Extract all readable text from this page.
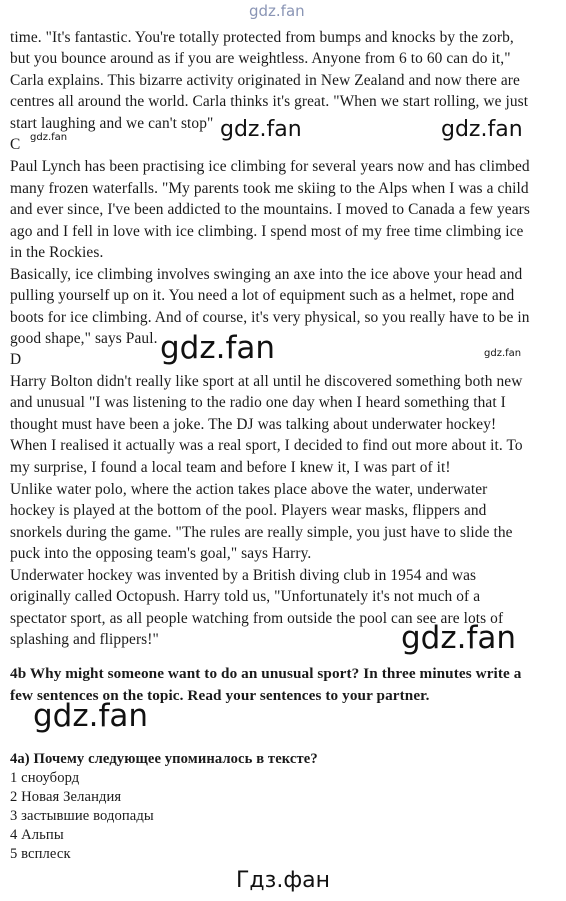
gdz.fan
gdz.fan	gdz.fan	gdz.fan
gdz.fan	gdz.fan
gdz.fan
gdz.fan
time. "It's fantastic. You're totally protected from bumps and knocks by the zorb,
but you bounce around as if you are weightless. Anyone from 6 to 60 can do it,"
Carla explains. This bizarre activity originated in New Zealand and now there are
centres all around the world. Carla thinks it's great. "When we start rolling, we just
start laughing and we can't stop"
C
Paul Lynch has been practising ice climbing for several years now and has climbed
many frozen waterfalls. "My parents took me skiing to the Alps when I was a child
and ever since, I've been addicted to the mountains. I moved to Canada a few years
ago and I fell in love with ice climbing. I spend most of my free time climbing ice
in the Rockies.
Basically, ice climbing involves swinging an axe into the ice above your head and
pulling yourself up on it. You need a lot of equipment such as a helmet, rope and
boots for ice climbing. And of course, it's very physical, so you really have to be in
good shape," says Paul.
D
Harry Bolton didn't really like sport at all until he discovered something both new
and unusual "I was listening to the radio one day when I heard something that I
thought must have been a joke. The DJ was talking about underwater hockey!
When I realised it actually was a real sport, I decided to find out more about it. To
my surprise, I found a local team and before I knew it, I was part of it!
Unlike water polo, where the action takes place above the water, underwater
hockey is played at the bottom of the pool. Players wear masks, flippers and
snorkels during the game. "The rules are really simple, you just have to slide the
puck into the opposing team's goal," says Harry.
Underwater hockey was invented by a British diving club in 1954 and was
originally called Octopush. Harry told us, "Unfortunately it's not much of a
spectator sport, as all people watching from outside the pool can see are lots of
splashing and flippers!"
4b Why might someone want to do an unusual sport? In three minutes write a
few sentences on the topic. Read your sentences to your partner.
4a) Почему следующее упоминалось в тексте?
1 сноуборд
2 Новая Зеландия
3 застывшие водопады
4 Альпы
5 всплеск
Гдз.фан
